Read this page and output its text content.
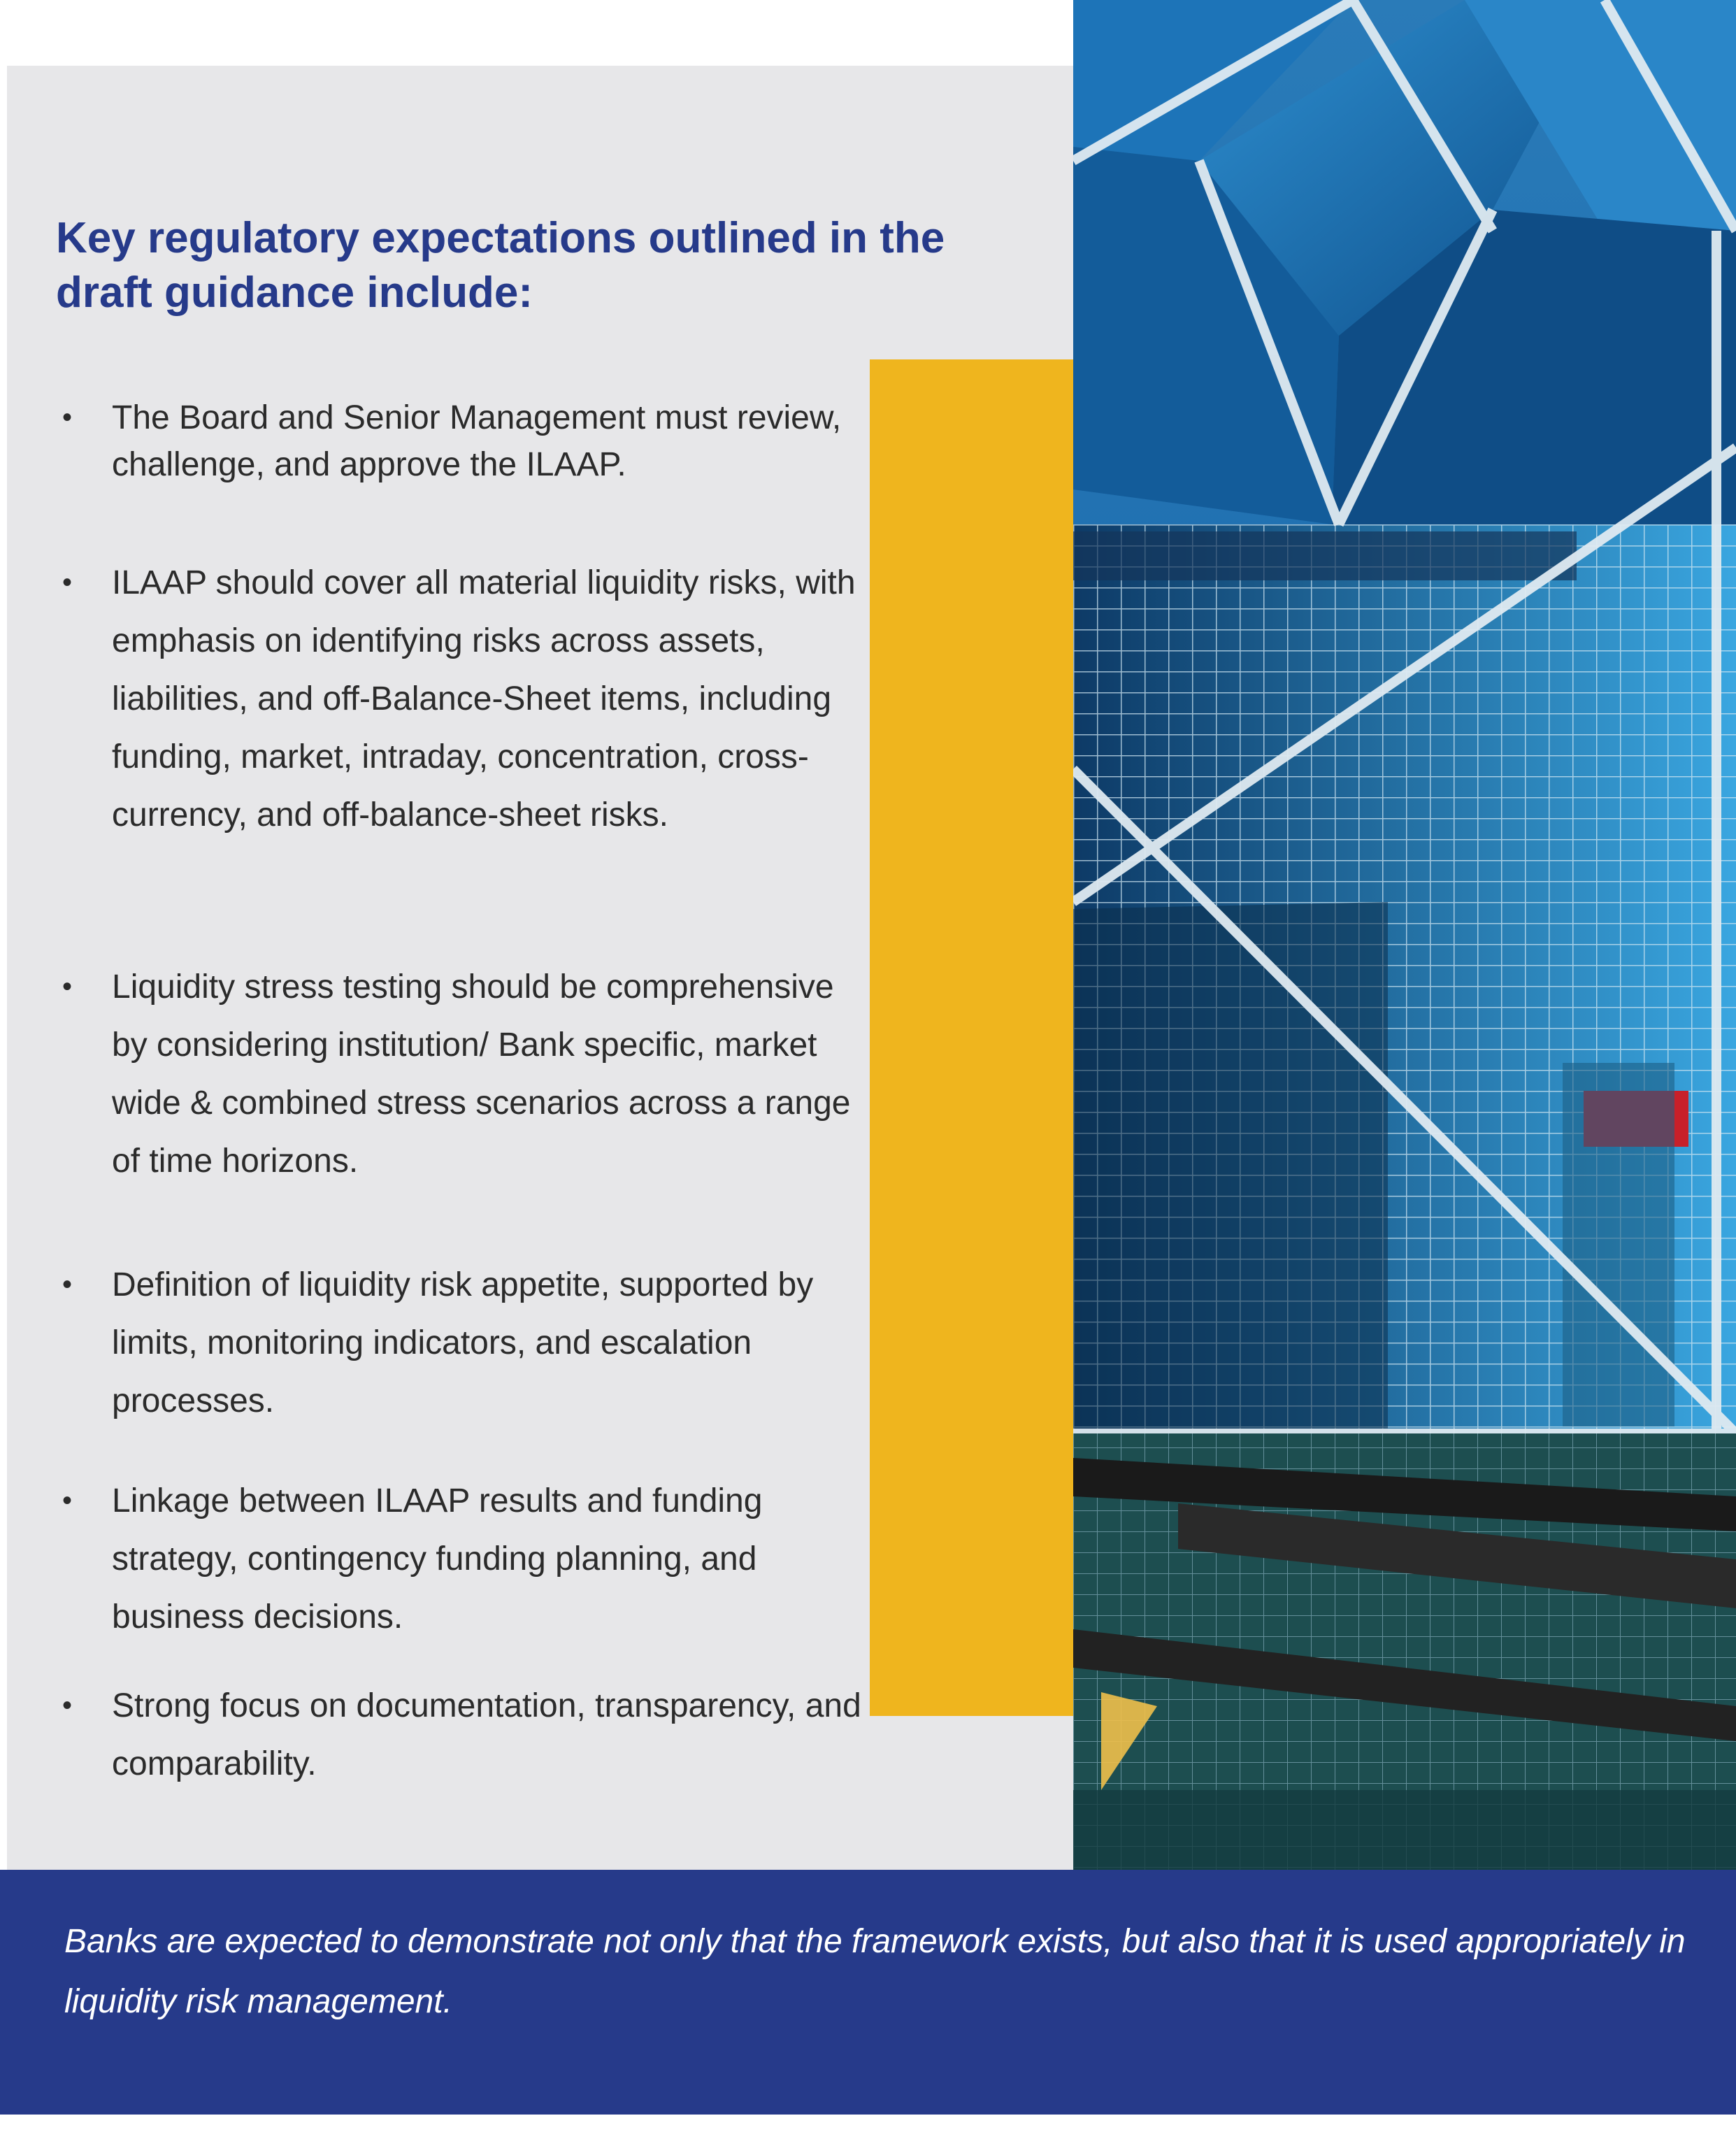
Key regulatory expectations outlined in the draft guidance include:
• The Board and Senior Management must review, challenge, and approve the ILAAP.
• ILAAP should cover all material liquidity risks, with emphasis on identifying risks across assets, liabilities, and off-Balance-Sheet items, including funding, market, intraday, concentration, cross-currency, and off-balance-sheet risks.
• Liquidity stress testing should be comprehensive by considering institution/ Bank specific, market wide & combined stress scenarios across a range of time horizons.
• Definition of liquidity risk appetite, supported by limits, monitoring indicators, and escalation processes.
• Linkage between ILAAP results and funding strategy, contingency funding planning, and business decisions.
• Strong focus on documentation, transparency, and comparability.

Banks are expected to demonstrate not only that the framework exists, but also that it is used appropriately in liquidity risk management.
